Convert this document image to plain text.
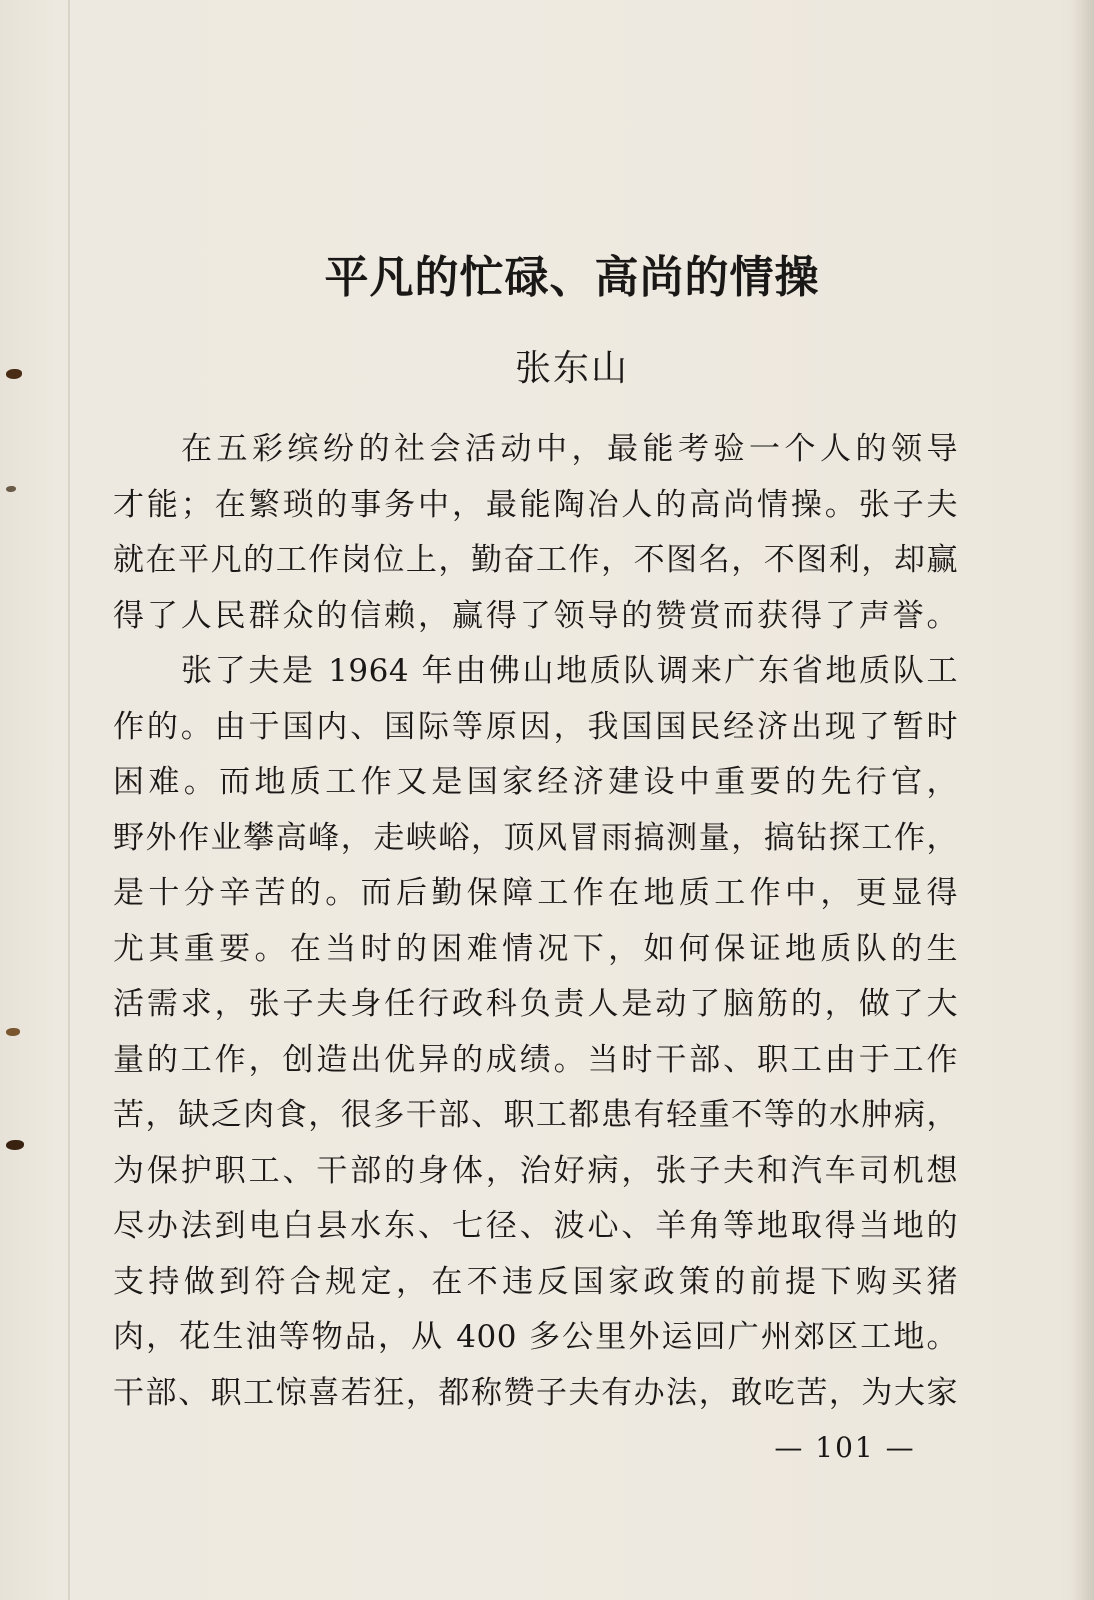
平凡的忙碌、高尚的情操
张东山
在五彩缤纷的社会活动中，最能考验一个人的领导
才能；在繁琐的事务中，最能陶冶人的高尚情操。张子夫
就在平凡的工作岗位上，勤奋工作，不图名，不图利，却赢
得了人民群众的信赖，赢得了领导的赞赏而获得了声誉。
张了夫是 1964 年由佛山地质队调来广东省地质队工
作的。由于国内、国际等原因，我国国民经济出现了暂时
困难。而地质工作又是国家经济建设中重要的先行官，
野外作业攀高峰，走峡峪，顶风冒雨搞测量，搞钻探工作，
是十分辛苦的。而后勤保障工作在地质工作中，更显得
尤其重要。在当时的困难情况下，如何保证地质队的生
活需求，张子夫身任行政科负责人是动了脑筋的，做了大
量的工作，创造出优异的成绩。当时干部、职工由于工作
苦，缺乏肉食，很多干部、职工都患有轻重不等的水肿病，
为保护职工、干部的身体，治好病，张子夫和汽车司机想
尽办法到电白县水东、七径、波心、羊角等地取得当地的
支持做到符合规定，在不违反国家政策的前提下购买猪
肉，花生油等物品，从 400 多公里外运回广州郊区工地。
干部、职工惊喜若狂，都称赞子夫有办法，敢吃苦，为大家
— 101 —
